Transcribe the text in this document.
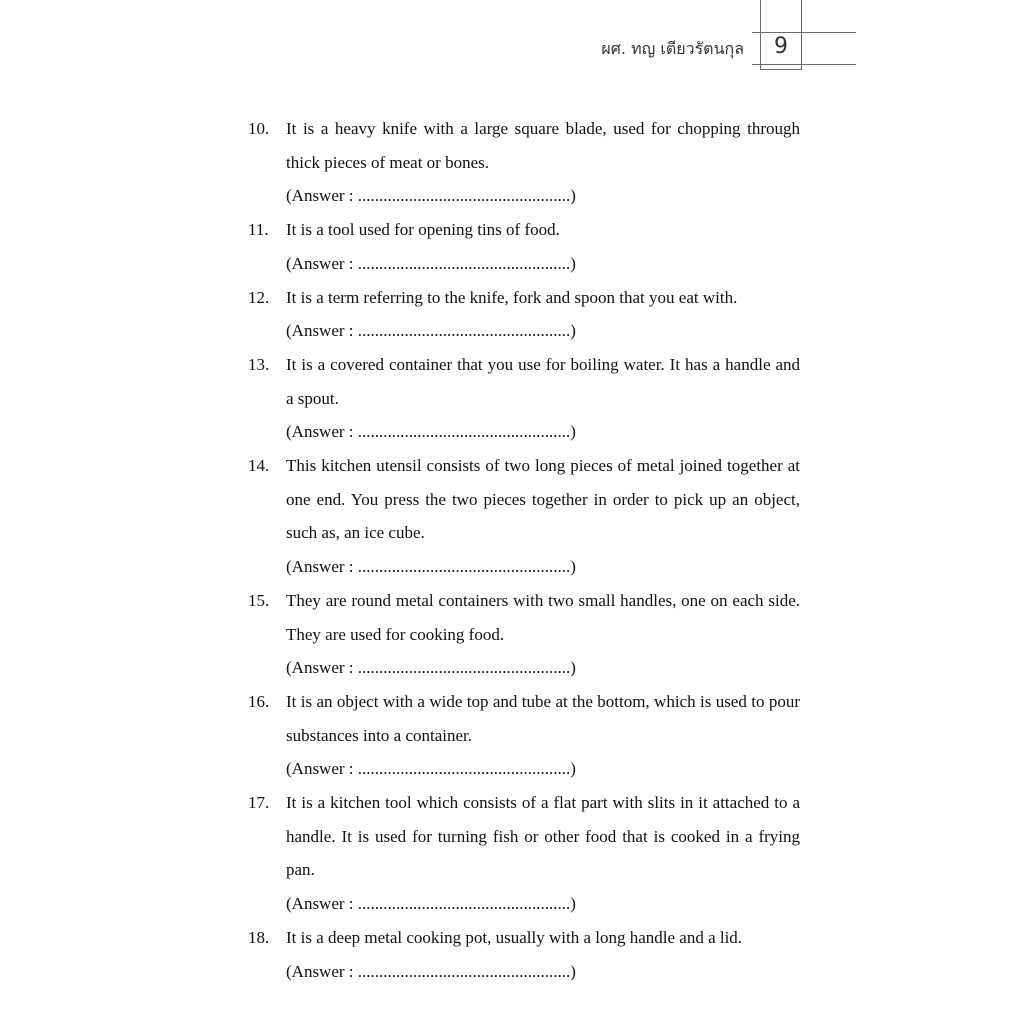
ผศ. ทญ เตียวรัตนกุล	9
10. It is a heavy knife with a large square blade, used for chopping through thick pieces of meat or bones.
(Answer : ..................................................)
11. It is a tool used for opening tins of food.
(Answer : ..................................................)
12. It is a term referring to the knife, fork and spoon that you eat with.
(Answer : ..................................................)
13. It is a covered container that you use for boiling water. It has a handle and a spout.
(Answer : ..................................................)
14. This kitchen utensil consists of two long pieces of metal joined together at one end. You press the two pieces together in order to pick up an object, such as, an ice cube.
(Answer : ..................................................)
15. They are round metal containers with two small handles, one on each side. They are used for cooking food.
(Answer : ..................................................)
16. It is an object with a wide top and tube at the bottom, which is used to pour substances into a container.
(Answer : ..................................................)
17. It is a kitchen tool which consists of a flat part with slits in it attached to a handle. It is used for turning fish or other food that is cooked in a frying pan.
(Answer : ..................................................)
18. It is a deep metal cooking pot, usually with a long handle and a lid.
(Answer : ..................................................)
